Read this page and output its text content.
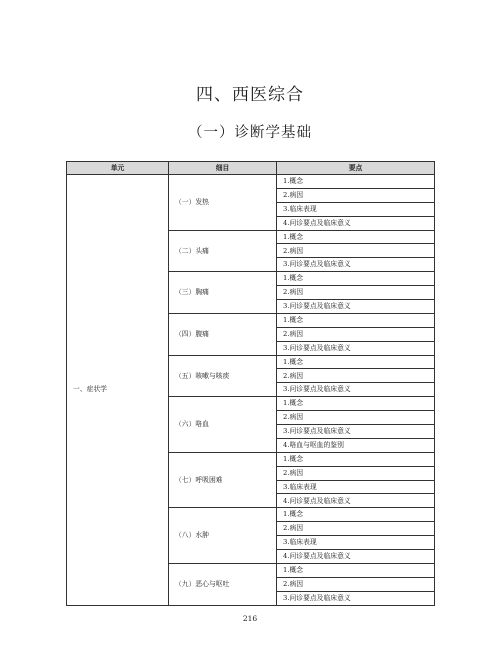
四、西医综合
（一）诊断学基础
单元	细目	要点
一、症状学	（一）发热	1.概念
		2.病因
		3.临床表现
		4.问诊要点及临床意义
	（二）头痛	1.概念
		2.病因
		3.问诊要点及临床意义
	（三）胸痛	1.概念
		2.病因
		3.问诊要点及临床意义
	（四）腹痛	1.概念
		2.病因
		3.问诊要点及临床意义
	（五）咳嗽与咳痰	1.概念
		2.病因
		3.问诊要点及临床意义
	（六）咯血	1.概念
		2.病因
		3.问诊要点及临床意义
		4.咯血与呕血的鉴别
	（七）呼吸困难	1.概念
		2.病因
		3.临床表现
		4.问诊要点及临床意义
	（八）水肿	1.概念
		2.病因
		3.临床表现
		4.问诊要点及临床意义
	（九）恶心与呕吐	1.概念
		2.病因
		3.问诊要点及临床意义
216
